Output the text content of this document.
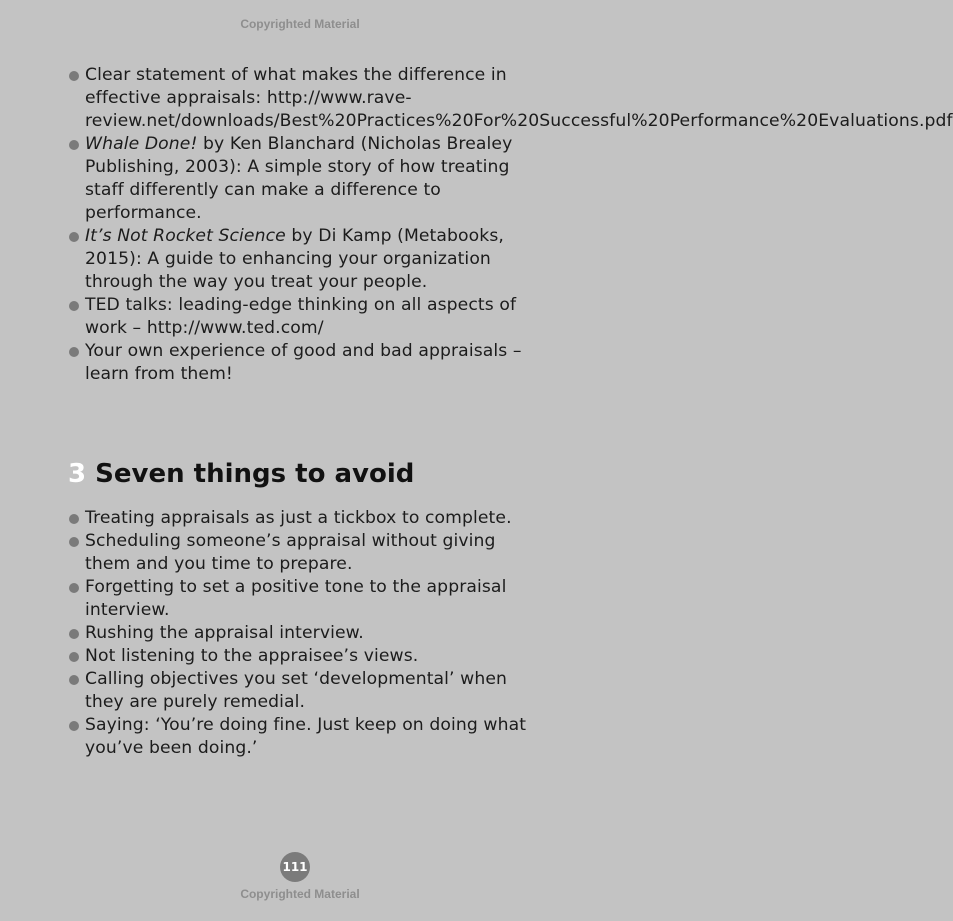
Copyrighted Material
Clear statement of what makes the difference in effective appraisals: http://www.rave-review.net/downloads/Best%20Practices%20For%20Successful%20Performance%20Evaluations.pdf
Whale Done! by Ken Blanchard (Nicholas Brealey Publishing, 2003): A simple story of how treating staff differently can make a difference to performance.
It’s Not Rocket Science by Di Kamp (Metabooks, 2015): A guide to enhancing your organization through the way you treat your people.
TED talks: leading-edge thinking on all aspects of work – http://www.ted.com/
Your own experience of good and bad appraisals – learn from them!
3 Seven things to avoid
Treating appraisals as just a tickbox to complete.
Scheduling someone’s appraisal without giving them and you time to prepare.
Forgetting to set a positive tone to the appraisal interview.
Rushing the appraisal interview.
Not listening to the appraisee’s views.
Calling objectives you set ‘developmental’ when they are purely remedial.
Saying: ‘You’re doing fine. Just keep on doing what you’ve been doing.’
111
Copyrighted Material
